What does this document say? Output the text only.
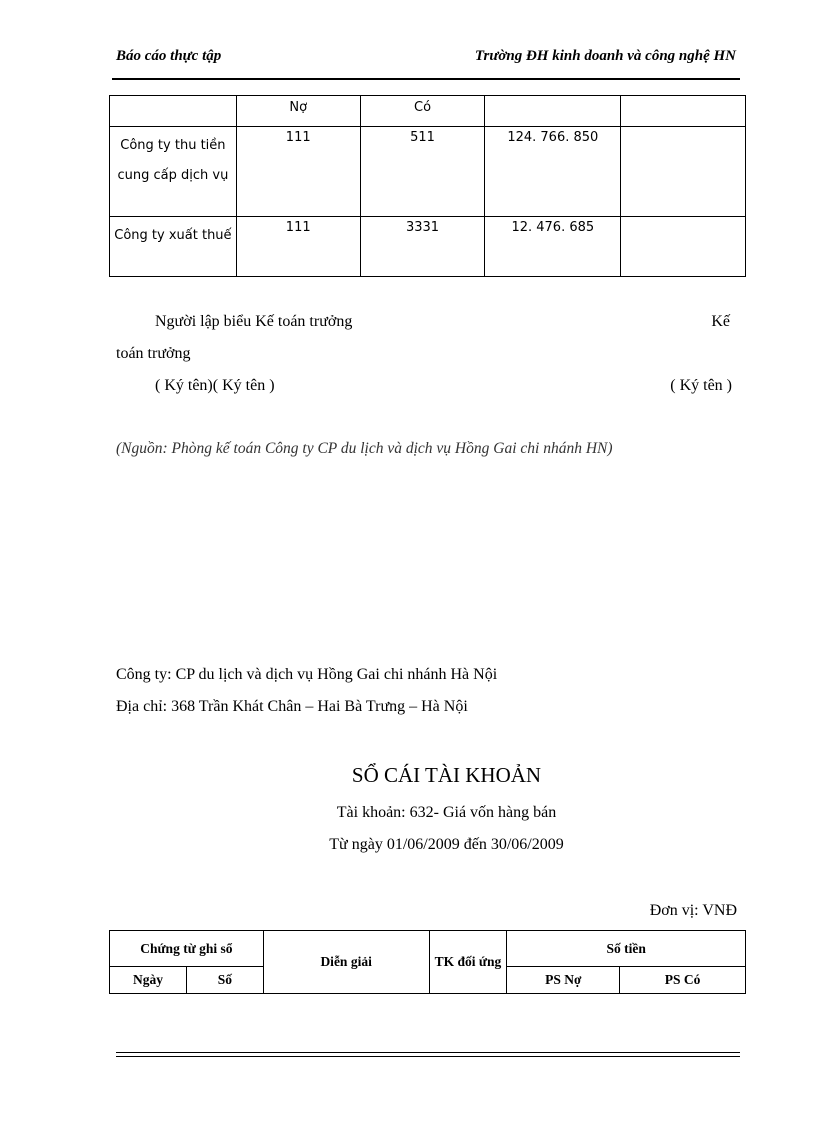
Báo cáo thực tập	Trường ĐH kinh doanh và công nghệ HN
	Nợ	Có		
Công ty thu tiền cung cấp dịch vụ	111	511	124. 766. 850	
Công ty xuất thuế	111	3331	12. 476. 685	
Người lập biểu Kế toán trưởng	Kế
toán trưởng
( Ký tên)( Ký tên )	( Ký tên )
(Nguồn: Phòng kế toán Công ty CP du lịch và dịch vụ Hồng Gai chi nhánh HN)
Công ty: CP du lịch và dịch vụ Hồng Gai chi nhánh Hà Nội
Địa chỉ: 368 Trần Khát Chân – Hai Bà Trưng – Hà Nội
SỔ CÁI TÀI KHOẢN
Tài khoản: 632- Giá vốn hàng bán
Từ ngày 01/06/2009 đến 30/06/2009
Đơn vị: VNĐ
Chứng từ ghi sổ		Diễn giải	TK đối ứng	Số tiền	
Ngày	Số			PS Nợ	PS Có
